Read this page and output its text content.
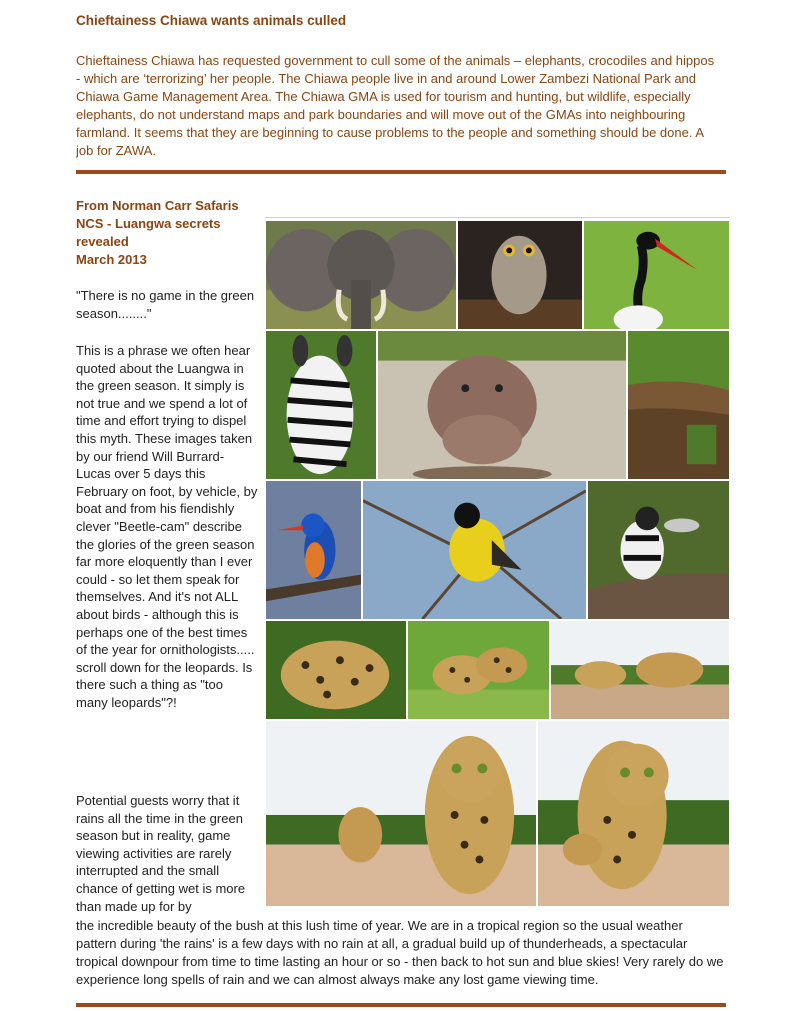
Chieftainess Chiawa wants animals culled

Chieftainess Chiawa has requested government to cull some of the animals – elephants, crocodiles and hippos - which are ‘terrorizing’ her people. The Chiawa people live in and around Lower Zambezi National Park and Chiawa Game Management Area. The Chiawa GMA is used for tourism and hunting, but wildlife, especially elephants, do not understand maps and park boundaries and will move out of the GMAs into neighbouring farmland. It seems that they are beginning to cause problems to the people and something should be done. A job for ZAWA.

From Norman Carr Safaris
NCS - Luangwa secrets
revealed
March 2013

"There is no game in the green season........"

This is a phrase we often hear quoted about the Luangwa in the green season. It simply is not true and we spend a lot of time and effort trying to dispel this myth. These images taken by our friend Will Burrard-Lucas over 5 days this February on foot, by vehicle, by boat and from his fiendishly clever "Beetle-cam" describe the glories of the green season far more eloquently than I ever could - so let them speak for themselves. And it's not ALL about birds - although this is perhaps one of the best times of the year for ornithologists..... scroll down for the leopards. Is there such a thing as "too many leopards"?!

Potential guests worry that it rains all the time in the green season but in reality, game viewing activities are rarely interrupted and the small chance of getting wet is more than made up for by

the incredible beauty of the bush at this lush time of year. We are in a tropical region so the usual weather pattern during 'the rains' is a few days with no rain at all, a gradual build up of thunderheads, a spectacular tropical downpour from time to time lasting an hour or so - then back to hot sun and blue skies! Very rarely do we experience long spells of rain and we can almost always make any lost game viewing time.
